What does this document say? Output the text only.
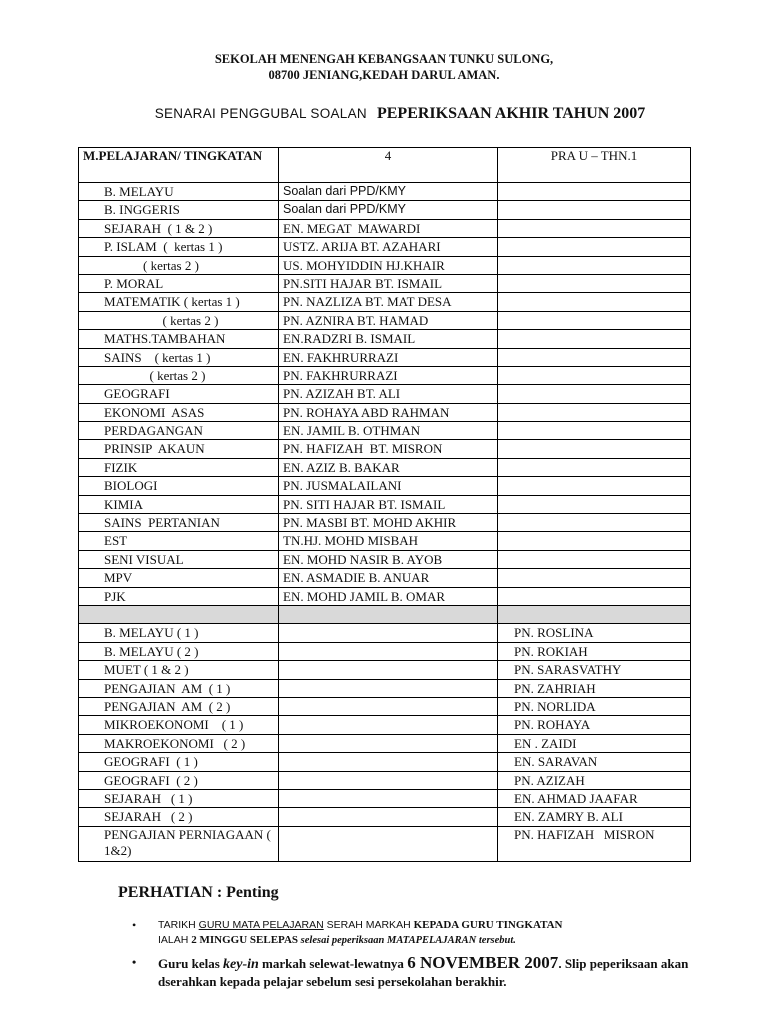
SEKOLAH MENENGAH KEBANGSAAN TUNKU SULONG,
08700 JENIANG,KEDAH DARUL AMAN.
SENARAI PENGGUBAL SOALAN PEPERIKSAAN AKHIR TAHUN 2007
M.PELAJARAN/ TINGKATAN	4	PRA U – THN.1
B. MELAYU	Soalan dari PPD/KMY	
B. INGGERIS	Soalan dari PPD/KMY	
SEJARAH  ( 1 & 2 )	EN. MEGAT  MAWARDI	
P. ISLAM  (  kertas 1 )	USTZ. ARIJA BT. AZAHARI	
( kertas 2 )	US. MOHYIDDIN HJ.KHAIR	
P. MORAL	PN.SITI HAJAR BT. ISMAIL	
MATEMATIK ( kertas 1 )	PN. NAZLIZA BT. MAT DESA	
( kertas 2 )	PN. AZNIRA BT. HAMAD	
MATHS.TAMBAHAN	EN.RADZRI B. ISMAIL	
SAINS    ( kertas 1 )	EN. FAKHRURRAZI	
( kertas 2 )	PN. FAKHRURRAZI	
GEOGRAFI	PN. AZIZAH BT. ALI	
EKONOMI  ASAS	PN. ROHAYA ABD RAHMAN	
PERDAGANGAN	EN. JAMIL B. OTHMAN	
PRINSIP  AKAUN	PN. HAFIZAH  BT. MISRON	
FIZIK	EN. AZIZ B. BAKAR	
BIOLOGI	PN. JUSMALAILANI	
KIMIA	PN. SITI HAJAR BT. ISMAIL	
SAINS  PERTANIAN	PN. MASBI BT. MOHD AKHIR	
EST	TN.HJ. MOHD MISBAH	
SENI VISUAL	EN. MOHD NASIR B. AYOB	
MPV	EN. ASMADIE B. ANUAR	
PJK	EN. MOHD JAMIL B. OMAR	

B. MELAYU ( 1 )		PN. ROSLINA
B. MELAYU ( 2 )		PN. ROKIAH
MUET ( 1 & 2 )		PN. SARASVATHY
PENGAJIAN  AM  ( 1 )		PN. ZAHRIAH
PENGAJIAN  AM  ( 2 )		PN. NORLIDA
MIKROEKONOMI    ( 1 )		PN. ROHAYA
MAKROEKONOMI   ( 2 )		EN . ZAIDI
GEOGRAFI  ( 1 )		EN. SARAVAN
GEOGRAFI  ( 2 )		PN. AZIZAH
SEJARAH   ( 1 )		EN. AHMAD JAAFAR
SEJARAH   ( 2 )		EN. ZAMRY B. ALI
PENGAJIAN PERNIAGAAN ( 1&2)		PN. HAFIZAH   MISRON
PERHATIAN : Penting
• TARIKH GURU MATA PELAJARAN SERAH MARKAH KEPADA GURU TINGKATAN
IALAH 2 MINGGU SELEPAS selesai peperiksaan MATAPELAJARAN tersebut.
• Guru kelas key-in markah selewat-lewatnya 6 NOVEMBER 2007. Slip peperiksaan akan dserahkan kepada pelajar sebelum sesi persekolahan berakhir.
